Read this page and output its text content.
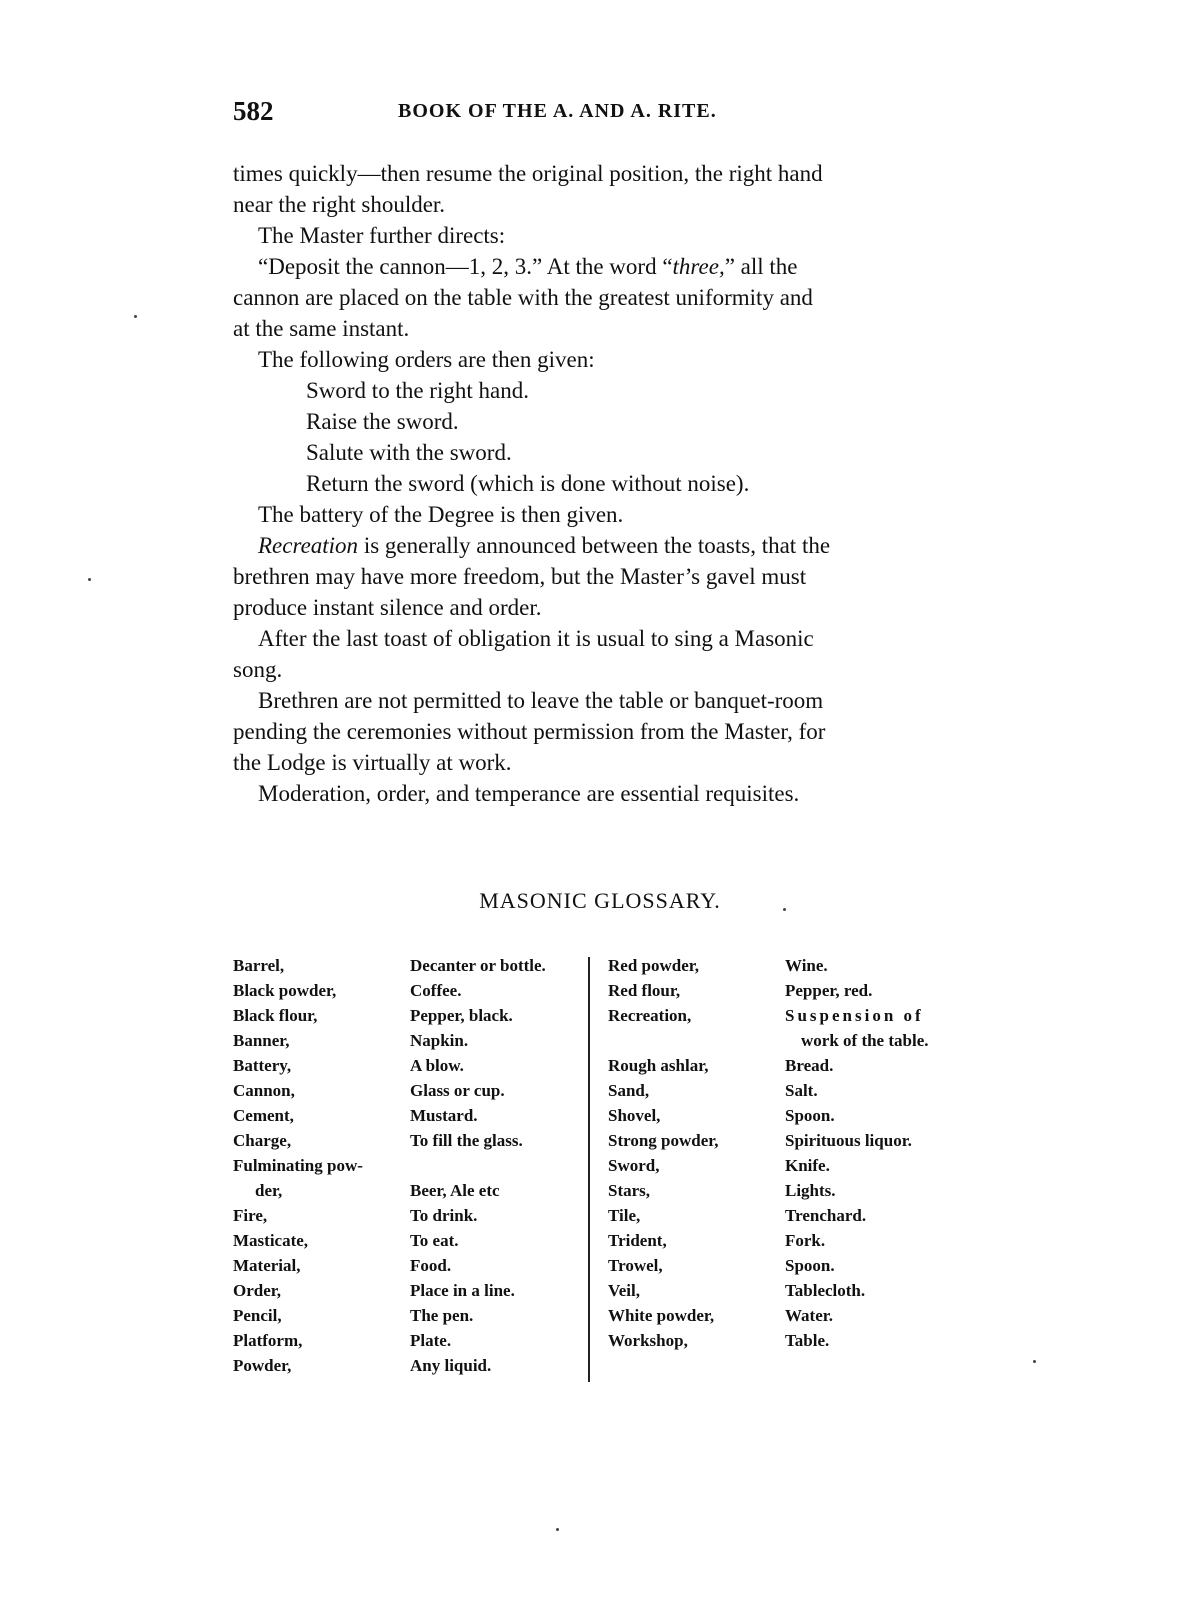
582	BOOK OF THE A. AND A. RITE.
times quickly—then resume the original position, the right hand
near the right shoulder.
The Master further directs:
“Deposit the cannon—1, 2, 3.” At the word “three,” all the
cannon are placed on the table with the greatest uniformity and
at the same instant.
The following orders are then given:
Sword to the right hand.
Raise the sword.
Salute with the sword.
Return the sword (which is done without noise).
The battery of the Degree is then given.
Recreation is generally announced between the toasts, that the
brethren may have more freedom, but the Master’s gavel must
produce instant silence and order.
After the last toast of obligation it is usual to sing a Masonic
song.
Brethren are not permitted to leave the table or banquet-room
pending the ceremonies without permission from the Master, for
the Lodge is virtually at work.
Moderation, order, and temperance are essential requisites.
MASONIC GLOSSARY.
Barrel,
Black powder,
Black flour,
Banner,
Battery,
Cannon,
Cement,
Charge,
Fulminating pow-
der,
Fire,
Masticate,
Material,
Order,
Pencil,
Platform,
Powder,
Decanter or bottle.
Coffee.
Pepper, black.
Napkin.
A blow.
Glass or cup.
Mustard.
To fill the glass.
Beer, Ale etc
To drink.
To eat.
Food.
Place in a line.
The pen.
Plate.
Any liquid.
Red powder,
Red flour,
Recreation,
Rough ashlar,
Sand,
Shovel,
Strong powder,
Sword,
Stars,
Tile,
Trident,
Trowel,
Veil,
White powder,
Workshop,
Wine.
Pepper, red.
Suspension of
work of the table.
Bread.
Salt.
Spoon.
Spirituous liquor.
Knife.
Lights.
Trenchard.
Fork.
Spoon.
Tablecloth.
Water.
Table.
